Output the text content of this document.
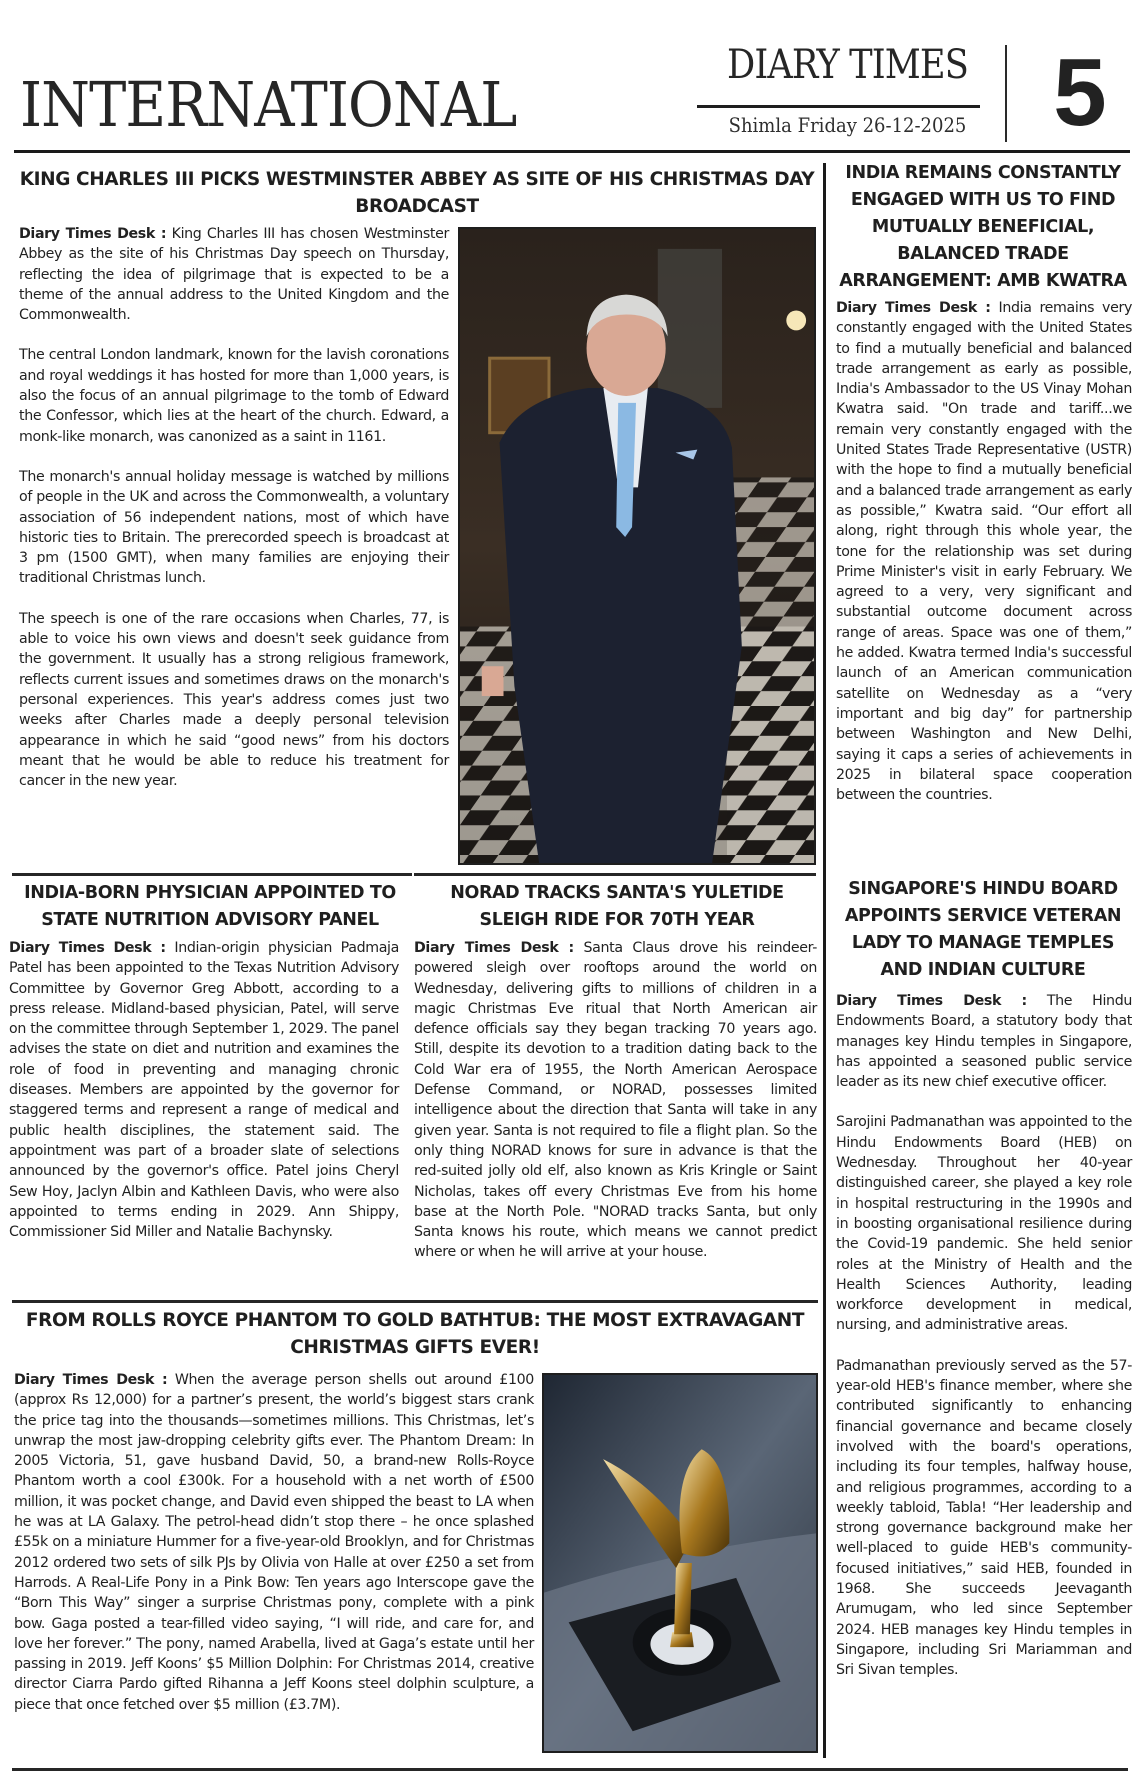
INTERNATIONAL
DIARY TIMES
Shimla Friday 26-12-2025 5
KING CHARLES III PICKS WESTMINSTER ABBEY AS SITE OF HIS CHRISTMAS DAY BROADCAST

Diary Times Desk : King Charles III has chosen Westminster Abbey as the site of his Christmas Day speech on Thursday, reflecting the idea of pilgrimage that is expected to be a theme of the annual address to the United Kingdom and the Commonwealth.

The central London landmark, known for the lavish coronations and royal weddings it has hosted for more than 1,000 years, is also the focus of an annual pilgrimage to the tomb of Edward the Confessor, which lies at the heart of the church. Edward, a monk-like monarch, was canonized as a saint in 1161.

The monarch's annual holiday message is watched by millions of people in the UK and across the Commonwealth, a voluntary association of 56 independent nations, most of which have historic ties to Britain. The prerecorded speech is broadcast at 3 pm (1500 GMT), when many families are enjoying their traditional Christmas lunch.

The speech is one of the rare occasions when Charles, 77, is able to voice his own views and doesn't seek guidance from the government. It usually has a strong religious framework, reflects current issues and sometimes draws on the monarch's personal experiences. This year's address comes just two weeks after Charles made a deeply personal television appearance in which he said “good news” from his doctors meant that he would be able to reduce his treatment for cancer in the new year.

INDIA REMAINS CONSTANTLY ENGAGED WITH US TO FIND MUTUALLY BENEFICIAL, BALANCED TRADE ARRANGEMENT: AMB KWATRA

Diary Times Desk : India remains very constantly engaged with the United States to find a mutually beneficial and balanced trade arrangement as early as possible, India's Ambassador to the US Vinay Mohan Kwatra said. "On trade and tariff...we remain very constantly engaged with the United States Trade Representative (USTR) with the hope to find a mutually beneficial and a balanced trade arrangement as early as possible,” Kwatra said. “Our effort all along, right through this whole year, the tone for the relationship was set during Prime Minister's visit in early February. We agreed to a very, very significant and substantial outcome document across range of areas. Space was one of them,” he added. Kwatra termed India's successful launch of an American communication satellite on Wednesday as a “very important and big day” for partnership between Washington and New Delhi, saying it caps a series of achievements in 2025 in bilateral space cooperation between the countries.

INDIA-BORN PHYSICIAN APPOINTED TO STATE NUTRITION ADVISORY PANEL

Diary Times Desk : Indian-origin physician Padmaja Patel has been appointed to the Texas Nutrition Advisory Committee by Governor Greg Abbott, according to a press release. Midland-based physician, Patel, will serve on the committee through September 1, 2029. The panel advises the state on diet and nutrition and examines the role of food in preventing and managing chronic diseases. Members are appointed by the governor for staggered terms and represent a range of medical and public health disciplines, the statement said. The appointment was part of a broader slate of selections announced by the governor's office. Patel joins Cheryl Sew Hoy, Jaclyn Albin and Kathleen Davis, who were also appointed to terms ending in 2029. Ann Shippy, Commissioner Sid Miller and Natalie Bachynsky.

NORAD TRACKS SANTA'S YULETIDE SLEIGH RIDE FOR 70TH YEAR

Diary Times Desk : Santa Claus drove his reindeer-powered sleigh over rooftops around the world on Wednesday, delivering gifts to millions of children in a magic Christmas Eve ritual that North American air defence officials say they began tracking 70 years ago. Still, despite its devotion to a tradition dating back to the Cold War era of 1955, the North American Aerospace Defense Command, or NORAD, possesses limited intelligence about the direction that Santa will take in any given year. Santa is not required to file a flight plan. So the only thing NORAD knows for sure in advance is that the red-suited jolly old elf, also known as Kris Kringle or Saint Nicholas, takes off every Christmas Eve from his home base at the North Pole. "NORAD tracks Santa, but only Santa knows his route, which means we cannot predict where or when he will arrive at your house.

SINGAPORE'S HINDU BOARD APPOINTS SERVICE VETERAN LADY TO MANAGE TEMPLES AND INDIAN CULTURE

Diary Times Desk : The Hindu Endowments Board, a statutory body that manages key Hindu temples in Singapore, has appointed a seasoned public service leader as its new chief executive officer.

Sarojini Padmanathan was appointed to the Hindu Endowments Board (HEB) on Wednesday. Throughout her 40-year distinguished career, she played a key role in hospital restructuring in the 1990s and in boosting organisational resilience during the Covid-19 pandemic. She held senior roles at the Ministry of Health and the Health Sciences Authority, leading workforce development in medical, nursing, and administrative areas.

Padmanathan previously served as the 57-year-old HEB's finance member, where she contributed significantly to enhancing financial governance and became closely involved with the board's operations, including its four temples, halfway house, and religious programmes, according to a weekly tabloid, Tabla! “Her leadership and strong governance background make her well-placed to guide HEB's community-focused initiatives,” said HEB, founded in 1968. She succeeds Jeevaganth Arumugam, who led since September 2024. HEB manages key Hindu temples in Singapore, including Sri Mariamman and Sri Sivan temples.

FROM ROLLS ROYCE PHANTOM TO GOLD BATHTUB: THE MOST EXTRAVAGANT CHRISTMAS GIFTS EVER!

Diary Times Desk : When the average person shells out around £100 (approx Rs 12,000) for a partner’s present, the world’s biggest stars crank the price tag into the thousands—sometimes millions. This Christmas, let’s unwrap the most jaw-dropping celebrity gifts ever. The Phantom Dream: In 2005 Victoria, 51, gave husband David, 50, a brand-new Rolls-Royce Phantom worth a cool £300k. For a household with a net worth of £500 million, it was pocket change, and David even shipped the beast to LA when he was at LA Galaxy. The petrol-head didn’t stop there – he once splashed £55k on a miniature Hummer for a five-year-old Brooklyn, and for Christmas 2012 ordered two sets of silk PJs by Olivia von Halle at over £250 a set from Harrods. A Real-Life Pony in a Pink Bow: Ten years ago Interscope gave the “Born This Way” singer a surprise Christmas pony, complete with a pink bow. Gaga posted a tear-filled video saying, “I will ride, and care for, and love her forever.” The pony, named Arabella, lived at Gaga’s estate until her passing in 2019. Jeff Koons’ $5 Million Dolphin: For Christmas 2014, creative director Ciarra Pardo gifted Rihanna a Jeff Koons steel dolphin sculpture, a piece that once fetched over $5 million (£3.7M).
